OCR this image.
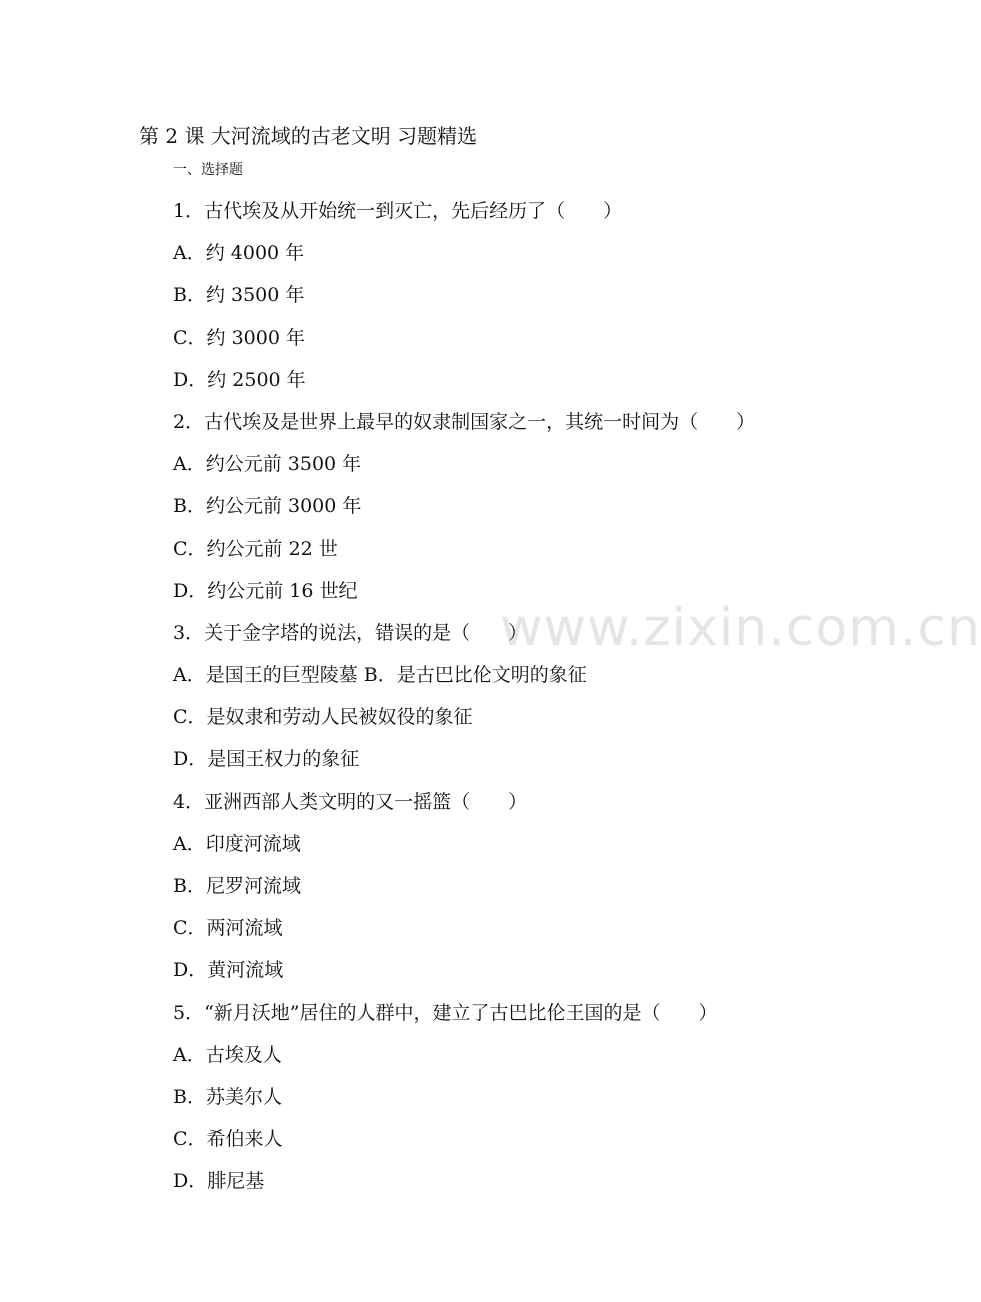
第 2 课 大河流域的古老文明 习题精选
一、选择题
1．古代埃及从开始统一到灭亡，先后经历了（　　）
A．约 4000 年
B．约 3500 年
C．约 3000 年
D．约 2500 年
2．古代埃及是世界上最早的奴隶制国家之一，其统一时间为（　　）
A．约公元前 3500 年
B．约公元前 3000 年
C．约公元前 22 世
D．约公元前 16 世纪
3．关于金字塔的说法，错误的是（　　）
A．是国王的巨型陵墓 B．是古巴比伦文明的象征
C．是奴隶和劳动人民被奴役的象征
D．是国王权力的象征
4．亚洲西部人类文明的又一摇篮（　　）
A．印度河流域
B．尼罗河流域
C．两河流域
D．黄河流域
5．“新月沃地”居住的人群中，建立了古巴比伦王国的是（　　）
A．古埃及人
B．苏美尔人
C．希伯来人
D．腓尼基
www.zixin.com.cn
